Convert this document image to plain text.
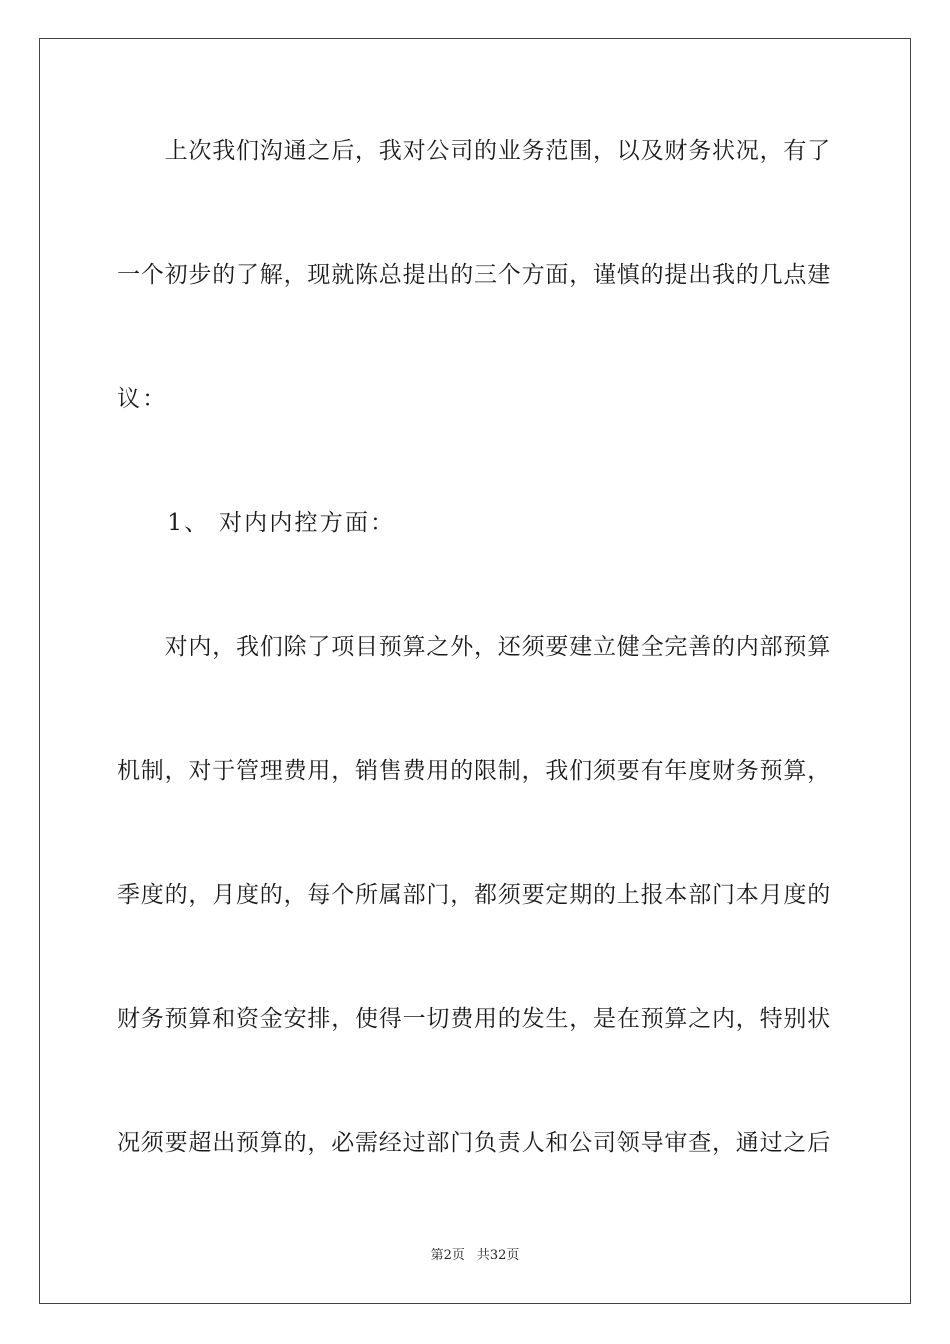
　　上次我们沟通之后，我对公司的业务范围，以及财务状况，有了
一个初步的了解，现就陈总提出的三个方面，谨慎的提出我的几点建
议：
　　1、 对内内控方面：
　　对内，我们除了项目预算之外，还须要建立健全完善的内部预算
机制，对于管理费用，销售费用的限制，我们须要有年度财务预算，
季度的，月度的，每个所属部门，都须要定期的上报本部门本月度的
财务预算和资金安排，使得一切费用的发生，是在预算之内，特别状
况须要超出预算的，必需经过部门负责人和公司领导审查，通过之后
第2页 共32页
